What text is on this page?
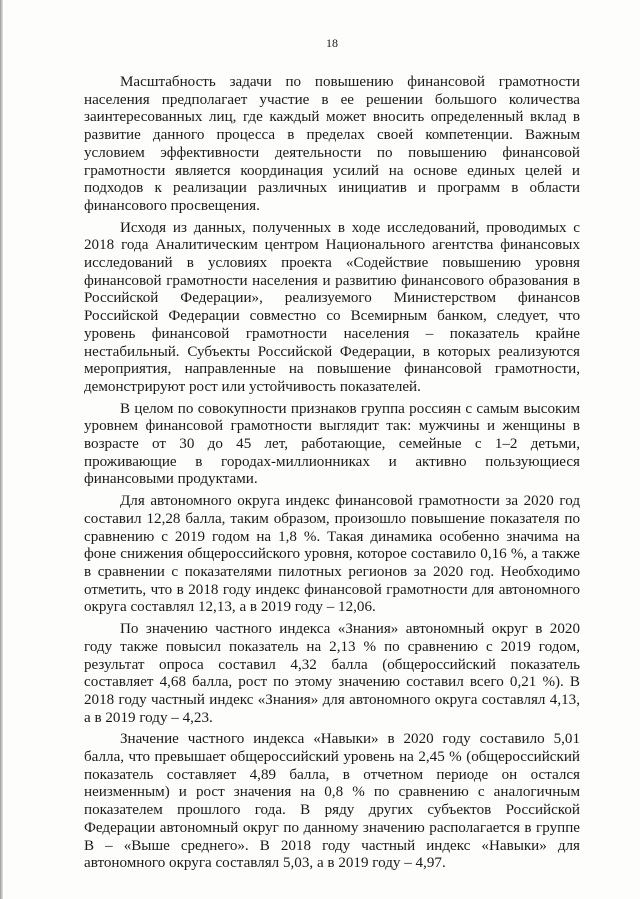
18

Масштабность задачи по повышению финансовой грамотности населения предполагает участие в ее решении большого количества заинтересованных лиц, где каждый может вносить определенный вклад в развитие данного процесса в пределах своей компетенции. Важным условием эффективности деятельности по повышению финансовой грамотности является координация усилий на основе единых целей и подходов к реализации различных инициатив и программ в области финансового просвещения.

Исходя из данных, полученных в ходе исследований, проводимых с 2018 года Аналитическим центром Национального агентства финансовых исследований в условиях проекта «Содействие повышению уровня финансовой грамотности населения и развитию финансового образования в Российской Федерации», реализуемого Министерством финансов Российской Федерации совместно со Всемирным банком, следует, что уровень финансовой грамотности населения – показатель крайне нестабильный. Субъекты Российской Федерации, в которых реализуются мероприятия, направленные на повышение финансовой грамотности, демонстрируют рост или устойчивость показателей.

В целом по совокупности признаков группа россиян с самым высоким уровнем финансовой грамотности выглядит так: мужчины и женщины в возрасте от 30 до 45 лет, работающие, семейные с 1–2 детьми, проживающие в городах-миллионниках и активно пользующиеся финансовыми продуктами.

Для автономного округа индекс финансовой грамотности за 2020 год составил 12,28 балла, таким образом, произошло повышение показателя по сравнению с 2019 годом на 1,8 %. Такая динамика особенно значима на фоне снижения общероссийского уровня, которое составило 0,16 %, а также в сравнении с показателями пилотных регионов за 2020 год. Необходимо отметить, что в 2018 году индекс финансовой грамотности для автономного округа составлял 12,13, а в 2019 году – 12,06.

По значению частного индекса «Знания» автономный округ в 2020 году также повысил показатель на 2,13 % по сравнению с 2019 годом, результат опроса составил 4,32 балла (общероссийский показатель составляет 4,68 балла, рост по этому значению составил всего 0,21 %). В 2018 году частный индекс «Знания» для автономного округа составлял 4,13, а в 2019 году – 4,23.

Значение частного индекса «Навыки» в 2020 году составило 5,01 балла, что превышает общероссийский уровень на 2,45 % (общероссийский показатель составляет 4,89 балла, в отчетном периоде он остался неизменным) и рост значения на 0,8 % по сравнению с аналогичным показателем прошлого года. В ряду других субъектов Российской Федерации автономный округ по данному значению располагается в группе В – «Выше среднего». В 2018 году частный индекс «Навыки» для автономного округа составлял 5,03, а в 2019 году – 4,97.
